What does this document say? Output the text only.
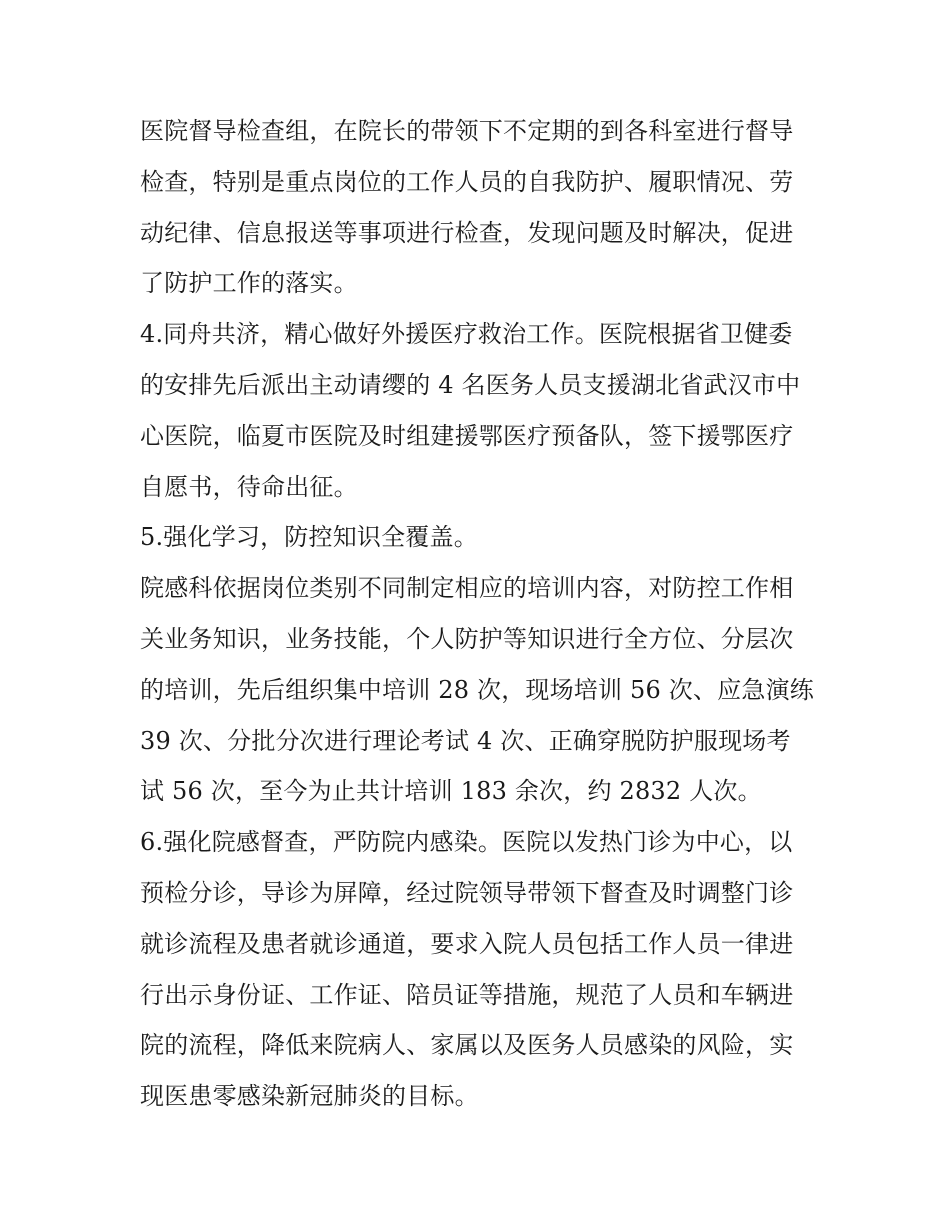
医院督导检查组，在院长的带领下不定期的到各科室进行督导
检查，特别是重点岗位的工作人员的自我防护、履职情况、劳
动纪律、信息报送等事项进行检查，发现问题及时解决，促进
了防护工作的落实。
4.同舟共济，精心做好外援医疗救治工作。医院根据省卫健委
的安排先后派出主动请缨的 4 名医务人员支援湖北省武汉市中
心医院，临夏市医院及时组建援鄂医疗预备队，签下援鄂医疗
自愿书，待命出征。
5.强化学习，防控知识全覆盖。
院感科依据岗位类别不同制定相应的培训内容，对防控工作相
关业务知识，业务技能，个人防护等知识进行全方位、分层次
的培训，先后组织集中培训 28 次，现场培训 56 次、应急演练
39 次、分批分次进行理论考试 4 次、正确穿脱防护服现场考
试 56 次，至今为止共计培训 183 余次，约 2832 人次。
6.强化院感督查，严防院内感染。医院以发热门诊为中心，以
预检分诊，导诊为屏障，经过院领导带领下督查及时调整门诊
就诊流程及患者就诊通道，要求入院人员包括工作人员一律进
行出示身份证、工作证、陪员证等措施，规范了人员和车辆进
院的流程，降低来院病人、家属以及医务人员感染的风险，实
现医患零感染新冠肺炎的目标。
